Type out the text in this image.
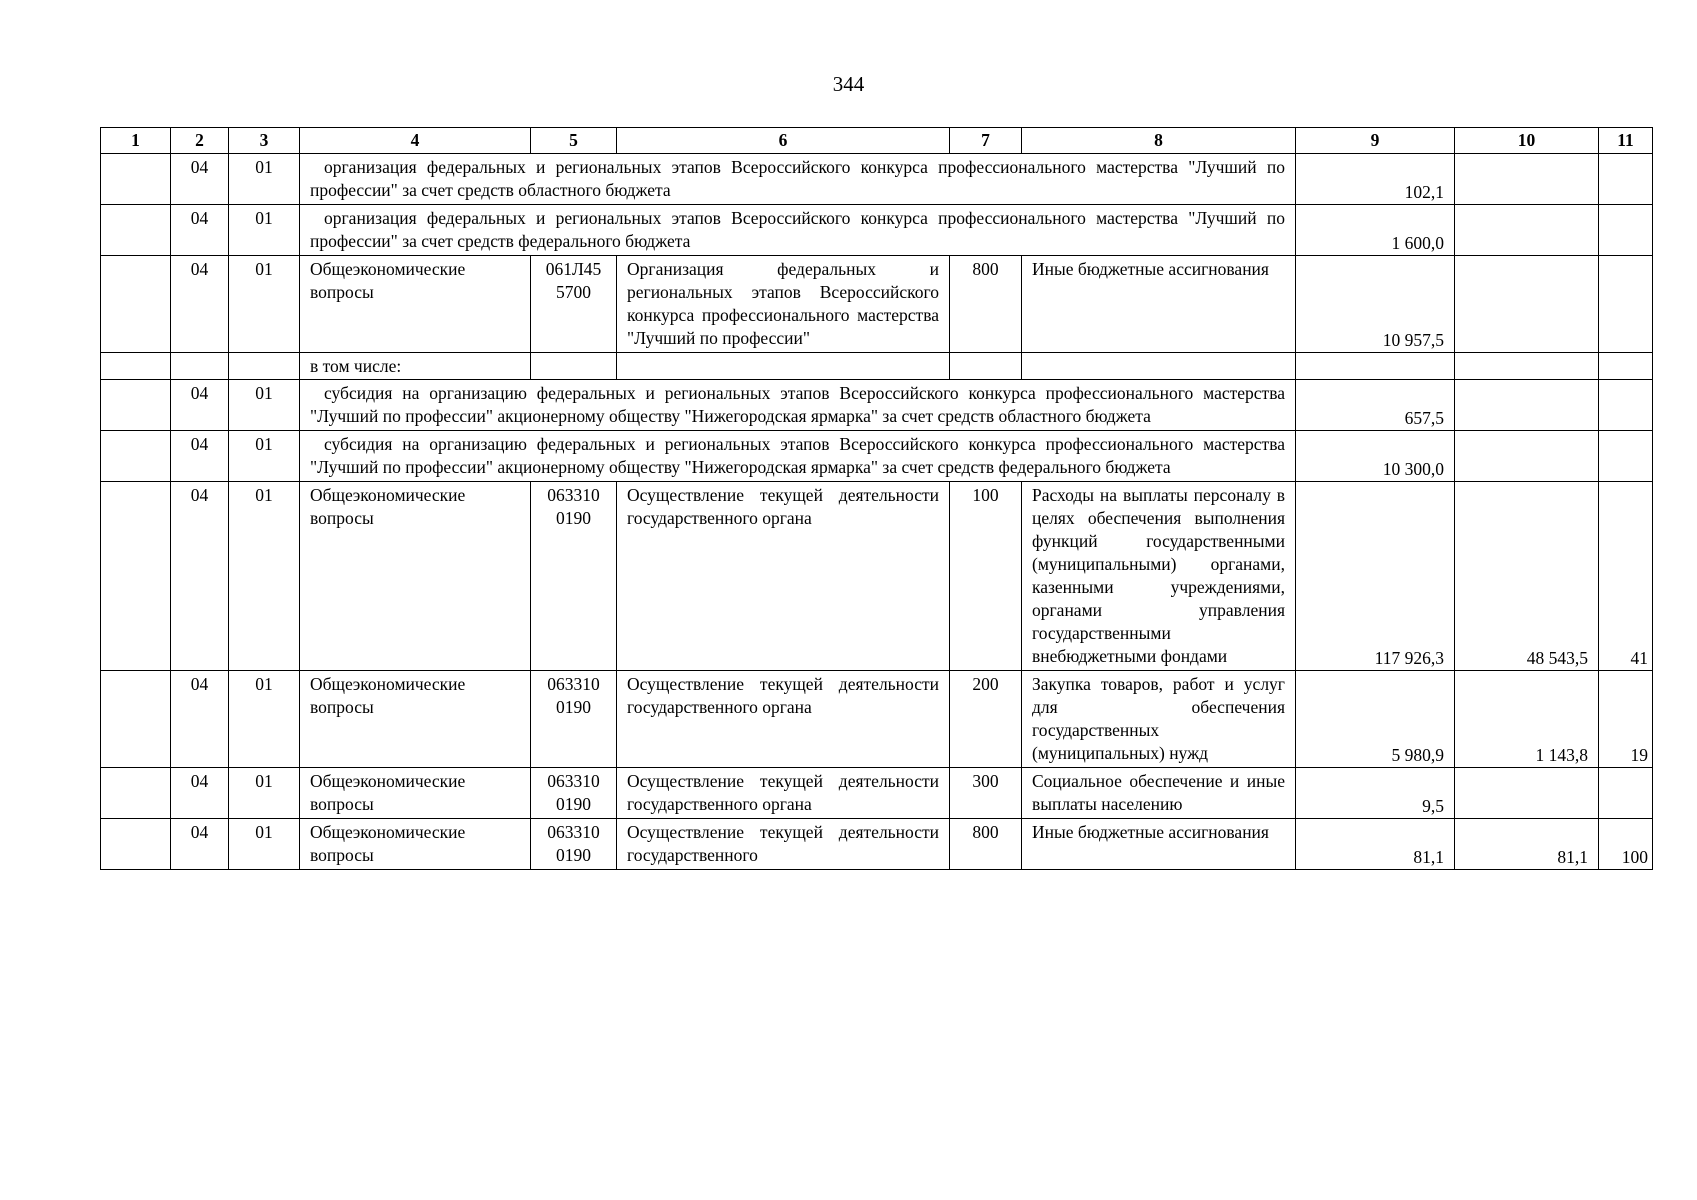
344
1	2	3	4	5	6	7	8	9	10	11
	04	01	организация федеральных и региональных этапов Всероссийского конкурса профессионального мастерства "Лучший по профессии" за счет средств областного бюджета					102,1		
	04	01	организация федеральных и региональных этапов Всероссийского конкурса профессионального мастерства "Лучший по профессии" за счет средств федерального бюджета					1 600,0		
	04	01	Общеэкономические вопросы	061Л45 5700	Организация федеральных и региональных этапов Всероссийского конкурса профессионального мастерства "Лучший по профессии"	800	Иные бюджетные ассигнования	10 957,5		
			в том числе:							
	04	01	субсидия на организацию федеральных и региональных этапов Всероссийского конкурса профессионального мастерства "Лучший по профессии" акционерному обществу "Нижегородская ярмарка" за счет средств областного бюджета					657,5		
	04	01	субсидия на организацию федеральных и региональных этапов Всероссийского конкурса профессионального мастерства "Лучший по профессии" акционерному обществу "Нижегородская ярмарка" за счет средств федерального бюджета					10 300,0		
	04	01	Общеэкономические вопросы	063310 0190	Осуществление текущей деятельности государственного органа	100	Расходы на выплаты персоналу в целях обеспечения выполнения функций государственными (муниципальными) органами, казенными учреждениями, органами управления государственными внебюджетными фондами	117 926,3	48 543,5	41
	04	01	Общеэкономические вопросы	063310 0190	Осуществление текущей деятельности государственного органа	200	Закупка товаров, работ и услуг для обеспечения государственных (муниципальных) нужд	5 980,9	1 143,8	19
	04	01	Общеэкономические вопросы	063310 0190	Осуществление текущей деятельности государственного органа	300	Социальное обеспечение и иные выплаты населению	9,5		
	04	01	Общеэкономические вопросы	063310 0190	Осуществление текущей деятельности государственного	800	Иные бюджетные ассигнования	81,1	81,1	100
